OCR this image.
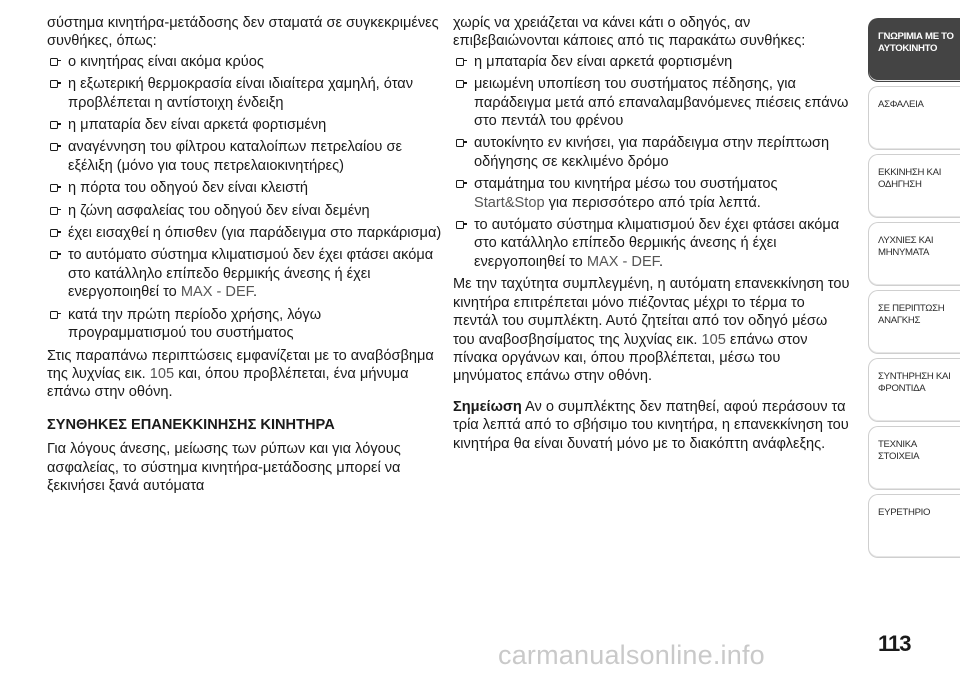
σύστημα κινητήρα-μετάδοσης δεν σταματά σε συγκεκριμένες συνθήκες, όπως:

ο κινητήρας είναι ακόμα κρύος
η εξωτερική θερμοκρασία είναι ιδιαίτερα χαμηλή, όταν προβλέπεται η αντίστοιχη ένδειξη
η μπαταρία δεν είναι αρκετά φορτισμένη
αναγέννηση του φίλτρου καταλοίπων πετρελαίου σε εξέλιξη (μόνο για τους πετρελαιοκινητήρες)
η πόρτα του οδηγού δεν είναι κλειστή
η ζώνη ασφαλείας του οδηγού δεν είναι δεμένη
έχει εισαχθεί η όπισθεν (για παράδειγμα στο παρκάρισμα)
το αυτόματο σύστημα κλιματισμού δεν έχει φτάσει ακόμα στο κατάλληλο επίπεδο θερμικής άνεσης ή έχει ενεργοποιηθεί το MAX - DEF.
κατά την πρώτη περίοδο χρήσης, λόγω προγραμματισμού του συστήματος

Στις παραπάνω περιπτώσεις εμφανίζεται με το αναβόσβημα της λυχνίας εικ. 105 και, όπου προβλέπεται, ένα μήνυμα επάνω στην οθόνη.

ΣΥΝΘΗΚΕΣ ΕΠΑΝΕΚΚΙΝΗΣΗΣ ΚΙΝΗΤΗΡΑ

Για λόγους άνεσης, μείωσης των ρύπων και για λόγους ασφαλείας, το σύστημα κινητήρα-μετάδοσης μπορεί να ξεκινήσει ξανά αυτόματα

χωρίς να χρειάζεται να κάνει κάτι ο οδηγός, αν επιβεβαιώνονται κάποιες από τις παρακάτω συνθήκες:

η μπαταρία δεν είναι αρκετά φορτισμένη
μειωμένη υποπίεση του συστήματος πέδησης, για παράδειγμα μετά από επαναλαμβανόμενες πιέσεις επάνω στο πεντάλ του φρένου
αυτοκίνητο εν κινήσει, για παράδειγμα στην περίπτωση οδήγησης σε κεκλιμένο δρόμο
σταμάτημα του κινητήρα μέσω του συστήματος Start&Stop για περισσότερο από τρία λεπτά.
το αυτόματο σύστημα κλιματισμού δεν έχει φτάσει ακόμα στο κατάλληλο επίπεδο θερμικής άνεσης ή έχει ενεργοποιηθεί το MAX - DEF.

Με την ταχύτητα συμπλεγμένη, η αυτόματη επανεκκίνηση του κινητήρα επιτρέπεται μόνο πιέζοντας μέχρι το τέρμα το πεντάλ του συμπλέκτη. Αυτό ζητείται από τον οδηγό μέσω του αναβοσβησίματος της λυχνίας εικ. 105 επάνω στον πίνακα οργάνων και, όπου προβλέπεται, μέσω του μηνύματος επάνω στην οθόνη.

Σημείωση Αν ο συμπλέκτης δεν πατηθεί, αφού περάσουν τα τρία λεπτά από το σβήσιμο του κινητήρα, η επανεκκίνηση του κινητήρα θα είναι δυνατή μόνο με το διακόπτη ανάφλεξης.

ΓΝΩΡΙΜΙΑ ΜΕ ΤΟ ΑΥΤΟΚΙΝΗΤΟ
ΑΣΦΑΛΕΙΑ
ΕΚΚΙΝΗΣΗ ΚΑΙ ΟΔΗΓΗΣΗ
ΛΥΧΝΙΕΣ ΚΑΙ ΜΗΝΥΜΑΤΑ
ΣΕ ΠΕΡΙΠΤΩΣΗ ΑΝΑΓΚΗΣ
ΣΥΝΤΗΡΗΣΗ ΚΑΙ ΦΡΟΝΤΙΔΑ
ΤΕΧΝΙΚΑ ΣΤΟΙΧΕΙΑ
ΕΥΡΕΤΗΡΙΟ
113
carmanualsonline.info
